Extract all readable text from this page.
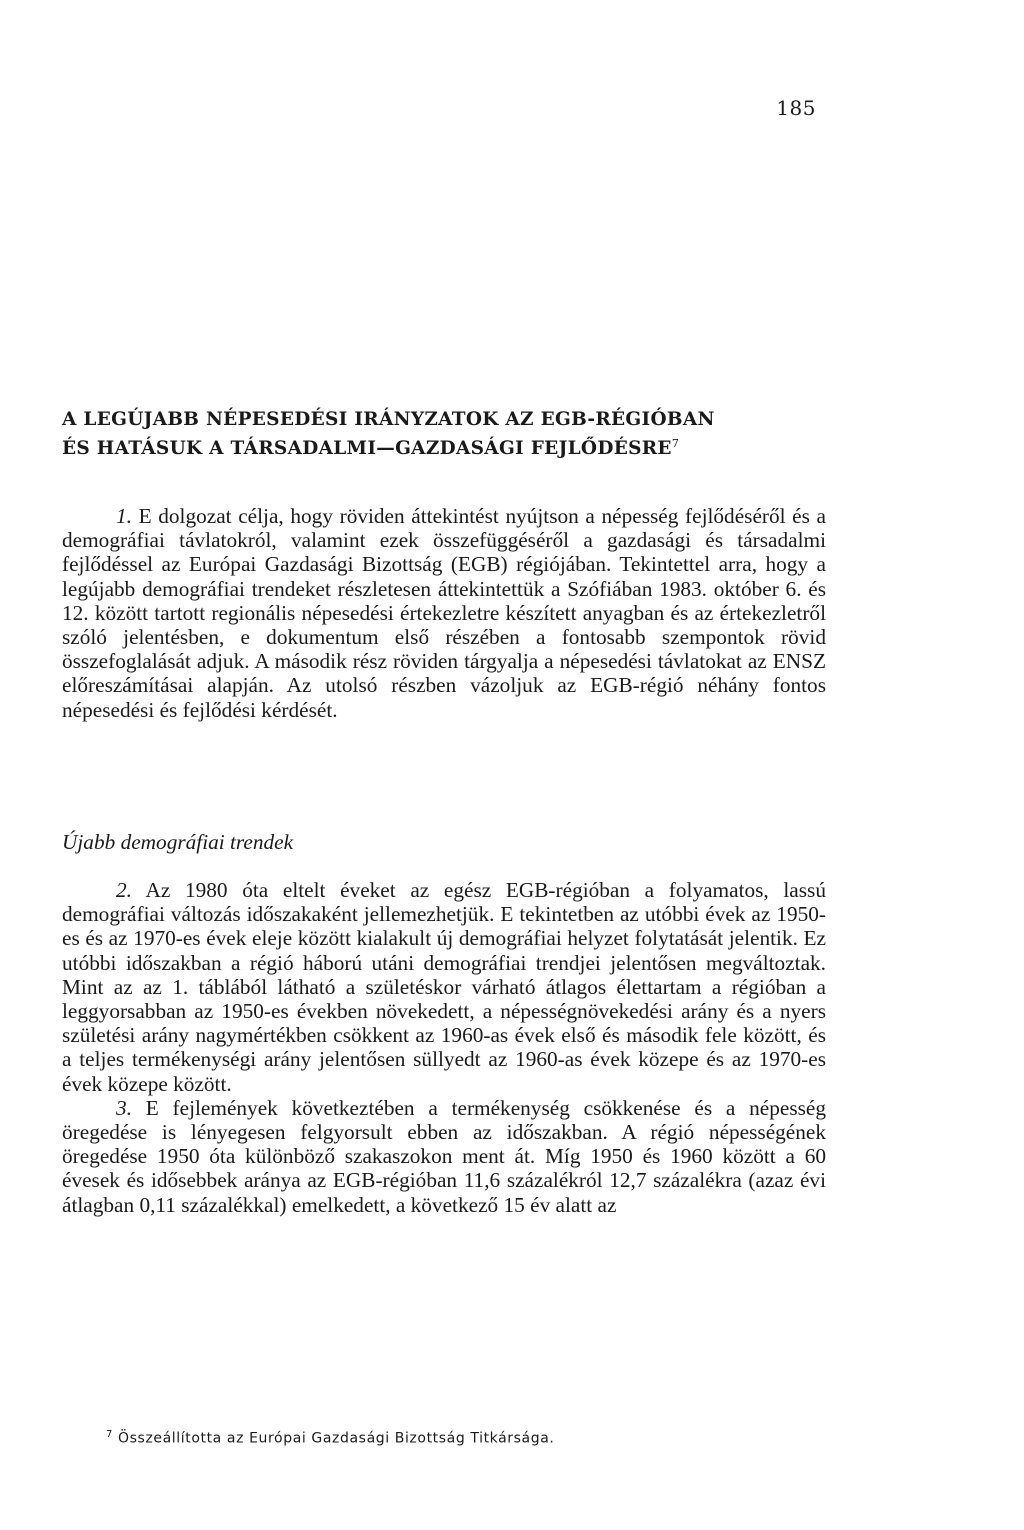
185
A LEGÚJABB NÉPESEDÉSI IRÁNYZATOK AZ EGB-RÉGIÓBAN
ÉS HATÁSUK A TÁRSADALMI—GAZDASÁGI FEJLŐDÉSRE$^7$

1. E dolgozat célja, hogy röviden áttekintést nyújtson a népesség fejlődéséről és a demográfiai távlatokról, valamint ezek összefüggéséről a gazdasági és társadalmi fejlődéssel az Európai Gazdasági Bizottság (EGB) régiójában. Tekintettel arra, hogy a legújabb demográfiai trendeket részletesen áttekintettük a Szófiában 1983. október 6. és 12. között tartott regionális népesedési értekezletre készített anyagban és az értekezletről szóló jelentésben, e dokumentum első részében a fontosabb szempontok rövid összefoglalását adjuk. A második rész röviden tárgyalja a népesedési távlatokat az ENSZ előreszámításai alapján. Az utolsó részben vázoljuk az EGB-régió néhány fontos népesedési és fejlődési kérdését.

Újabb demográfiai trendek

2. Az 1980 óta eltelt éveket az egész EGB-régióban a folyamatos, lassú demográfiai változás időszakaként jellemezhetjük. E tekintetben az utóbbi évek az 1950-es és az 1970-es évek eleje között kialakult új demográfiai helyzet folytatását jelentik. Ez utóbbi időszakban a régió háború utáni demográfiai trendjei jelentősen megváltoztak. Mint az az 1. táblából látható a születéskor várható átlagos élettartam a régióban a leggyorsabban az 1950-es években növekedett, a népességnövekedési arány és a nyers születési arány nagymértékben csökkent az 1960-as évek első és második fele között, és a teljes termékenységi arány jelentősen süllyedt az 1960-as évek közepe és az 1970-es évek közepe között.

3. E fejlemények következtében a termékenység csökkenése és a népesség öregedése is lényegesen felgyorsult ebben az időszakban. A régió népességének öregedése 1950 óta különböző szakaszokon ment át. Míg 1950 és 1960 között a 60 évesek és idősebbek aránya az EGB-régióban 11,6 százalékról 12,7 százalékra (azaz évi átlagban 0,11 százalékkal) emelkedett, a következő 15 év alatt az

$^7$ Összeállította az Európai Gazdasági Bizottság Titkársága.
